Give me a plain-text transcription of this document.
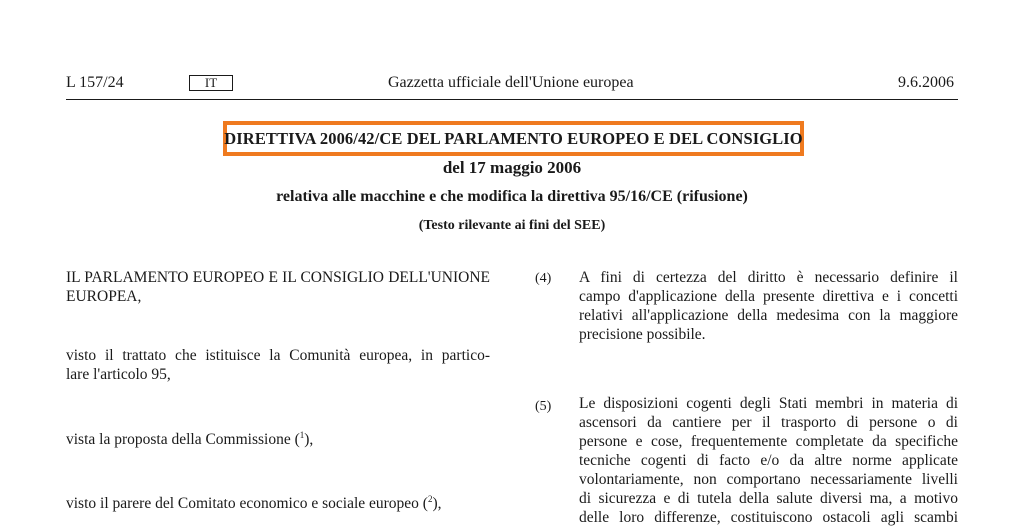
L 157/24	IT	Gazzetta ufficiale dell'Unione europea	9.6.2006
DIRETTIVA 2006/42/CE DEL PARLAMENTO EUROPEO E DEL CONSIGLIO
del 17 maggio 2006
relativa alle macchine e che modifica la direttiva 95/16/CE (rifusione)
(Testo rilevante ai fini del SEE)
IL PARLAMENTO EUROPEO E IL CONSIGLIO DELL'UNIONE
EUROPEA,
visto il trattato che istituisce la Comunità europea, in partico-
lare l'articolo 95,
vista la proposta della Commissione ($^1$),
visto il parere del Comitato economico e sociale europeo ($^2$),
(4) A fini di certezza del diritto è necessario definire il
campo d'applicazione della presente direttiva e i concetti
relativi all'applicazione della medesima con la maggiore
precisione possibile.
(5) Le disposizioni cogenti degli Stati membri in materia di
ascensori da cantiere per il trasporto di persone o di
persone e cose, frequentemente completate da specifiche
tecniche cogenti di facto e/o da altre norme applicate
volontariamente, non comportano necessariamente livelli
di sicurezza e di tutela della salute diversi ma, a motivo
delle loro differenze, costituiscono ostacoli agli scambi
